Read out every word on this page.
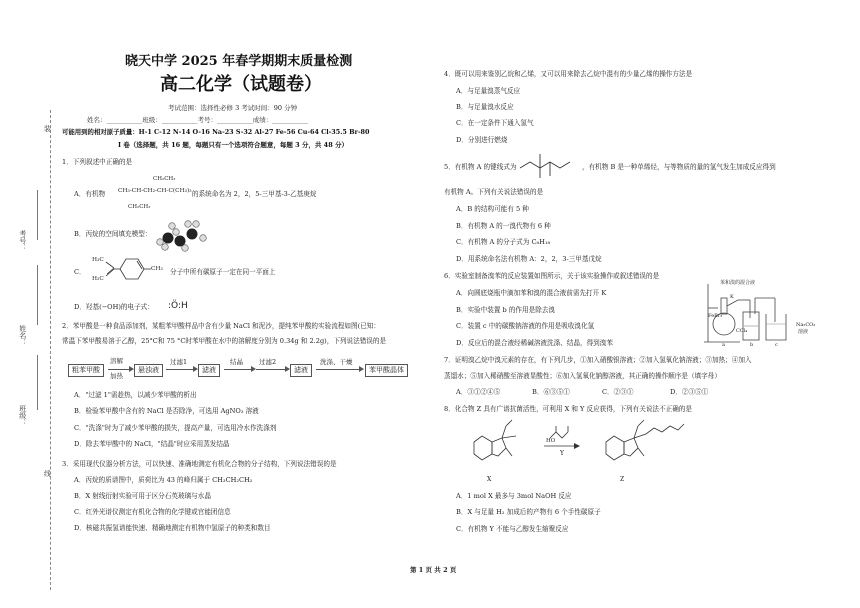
装
线
考号：
姓名：
班级：
晓天中学 2025 年春学期期末质量检测
高二化学（试题卷）
考试范围：选择性必修 3 考试时间：90 分钟
姓名：___________班级：___________考号：___________成绩：___________
可能用到的相对原子质量：H-1 C-12 N-14 O-16 Na-23 S-32 Al-27 Fe-56 Cu-64 Cl-35.5 Br-80
I 卷（选择题，共 16 题，每题只有一个选项符合题意，每题 3 分，共 48 分）
1．下列叙述中正确的是
A．有机物
CH₂CH₃
CH₃-CH-CH₂-CH-C(CH₃)₃
CH₂CH₃
的系统命名为 2，2，5-三甲基-3-乙基庚烷
B．丙烷的空间填充模型：
C．
H₃C
H₂C
CH₃ 分子中所有碳原子一定在同一平面上
D．羟基(−OH)的电子式： :Ö:H
2．苯甲酸是一种食品添加剂，某粗苯甲酸样品中含有少量 NaCl 和泥沙，提纯苯甲酸的实验流程如图(已知：
常温下苯甲酸易溶于乙醇，25°C和 75 °C时苯甲酸在水中的溶解度分别为 0.34g 和 2.2g)，下列说法错误的是
粗苯甲酸
溶解
加热
悬浊液
过滤1
滤液
结晶 过滤2
滤液
洗涤、干燥
苯甲酸晶体
A．"过滤 1"需趁热，以减少苯甲酸的析出
B．检验苯甲酸中含有的 NaCl 是否除净，可选用 AgNO₃ 溶液
C．"洗涤"时为了减少苯甲酸的损失，提高产量，可选用冷水作洗涤剂
D．除去苯甲酸中的 NaCl，"结晶"时应采用蒸发结晶
3．采用现代仪器分析方法，可以快速、准确地测定有机化合物的分子结构，下列说法错误的是
A．丙烷的质谱图中，质荷比为 43 的峰归属于 CH₃CH₂CH₂
B．X 射线衍射实验可用于区分石英玻璃与水晶
C．红外光谱仪测定有机化合物的化学键或官能团信息
D．核磁共振氢谱能快速、精确地测定有机物中氢原子的种类和数目
4．既可以用来鉴别乙烷和乙烯，又可以用来除去乙烷中混有的少量乙烯的操作方法是
A．与足量溴蒸气反应
B．与足量溴水反应
C．在一定条件下通入氢气
D．分别进行燃烧
5．有机物 A 的键线式为	，有机物 B 是一种单烯烃，与等物质的量的氢气发生加成反应得到
有机物 A。下列有关说法错误的是
A．B 的结构可能有 5 种
B．有机物 A 的一溴代物有 6 种
C．有机物 A 的分子式为 C₈H₁₈
D．用系统命名法有机物 A：2，2，3-三甲基戊烷
6．实验室制备溴苯的反应装置如图所示，关于该实验操作或叙述错误的是
A．向圆底烧瓶中滴加苯和溴的混合液前需先打开 K
B．实验中装置 b 的作用是除去溴
C．装置 c 中的碳酸钠溶液的作用是吸收溴化氢
D．反应后的混合液经稀碱溶液洗涤、结晶，得到溴苯
苯和溴的混合液
K
FeBr₃
CCl₄
Na₂CO₃
溶液
a	b	c
7．证明溴乙烷中溴元素的存在，有下列几步，①加入硝酸银溶液；②加入氢氧化钠溶液；③加热；④加入
蒸馏水；⑤加入稀硝酸至溶液显酸性；⑥加入氢氧化钠醇溶液，其正确的操作顺序是（填字母）
A．③①②④⑤	B．⑥③⑤①	C．②③①	D．②③⑤①
8．化合物 Z 具有广谱抗菌活性，可利用 X 和 Y 反应获得，下列有关说法不正确的是
X
Y
HO
Z
A．1 mol X 最多与 3mol NaOH 反应
B．X 与足量 H₂ 加成后的产物有 6 个手性碳原子
C．有机物 Y 不能与乙醇发生缩聚反应
第 1 页 共 2 页
